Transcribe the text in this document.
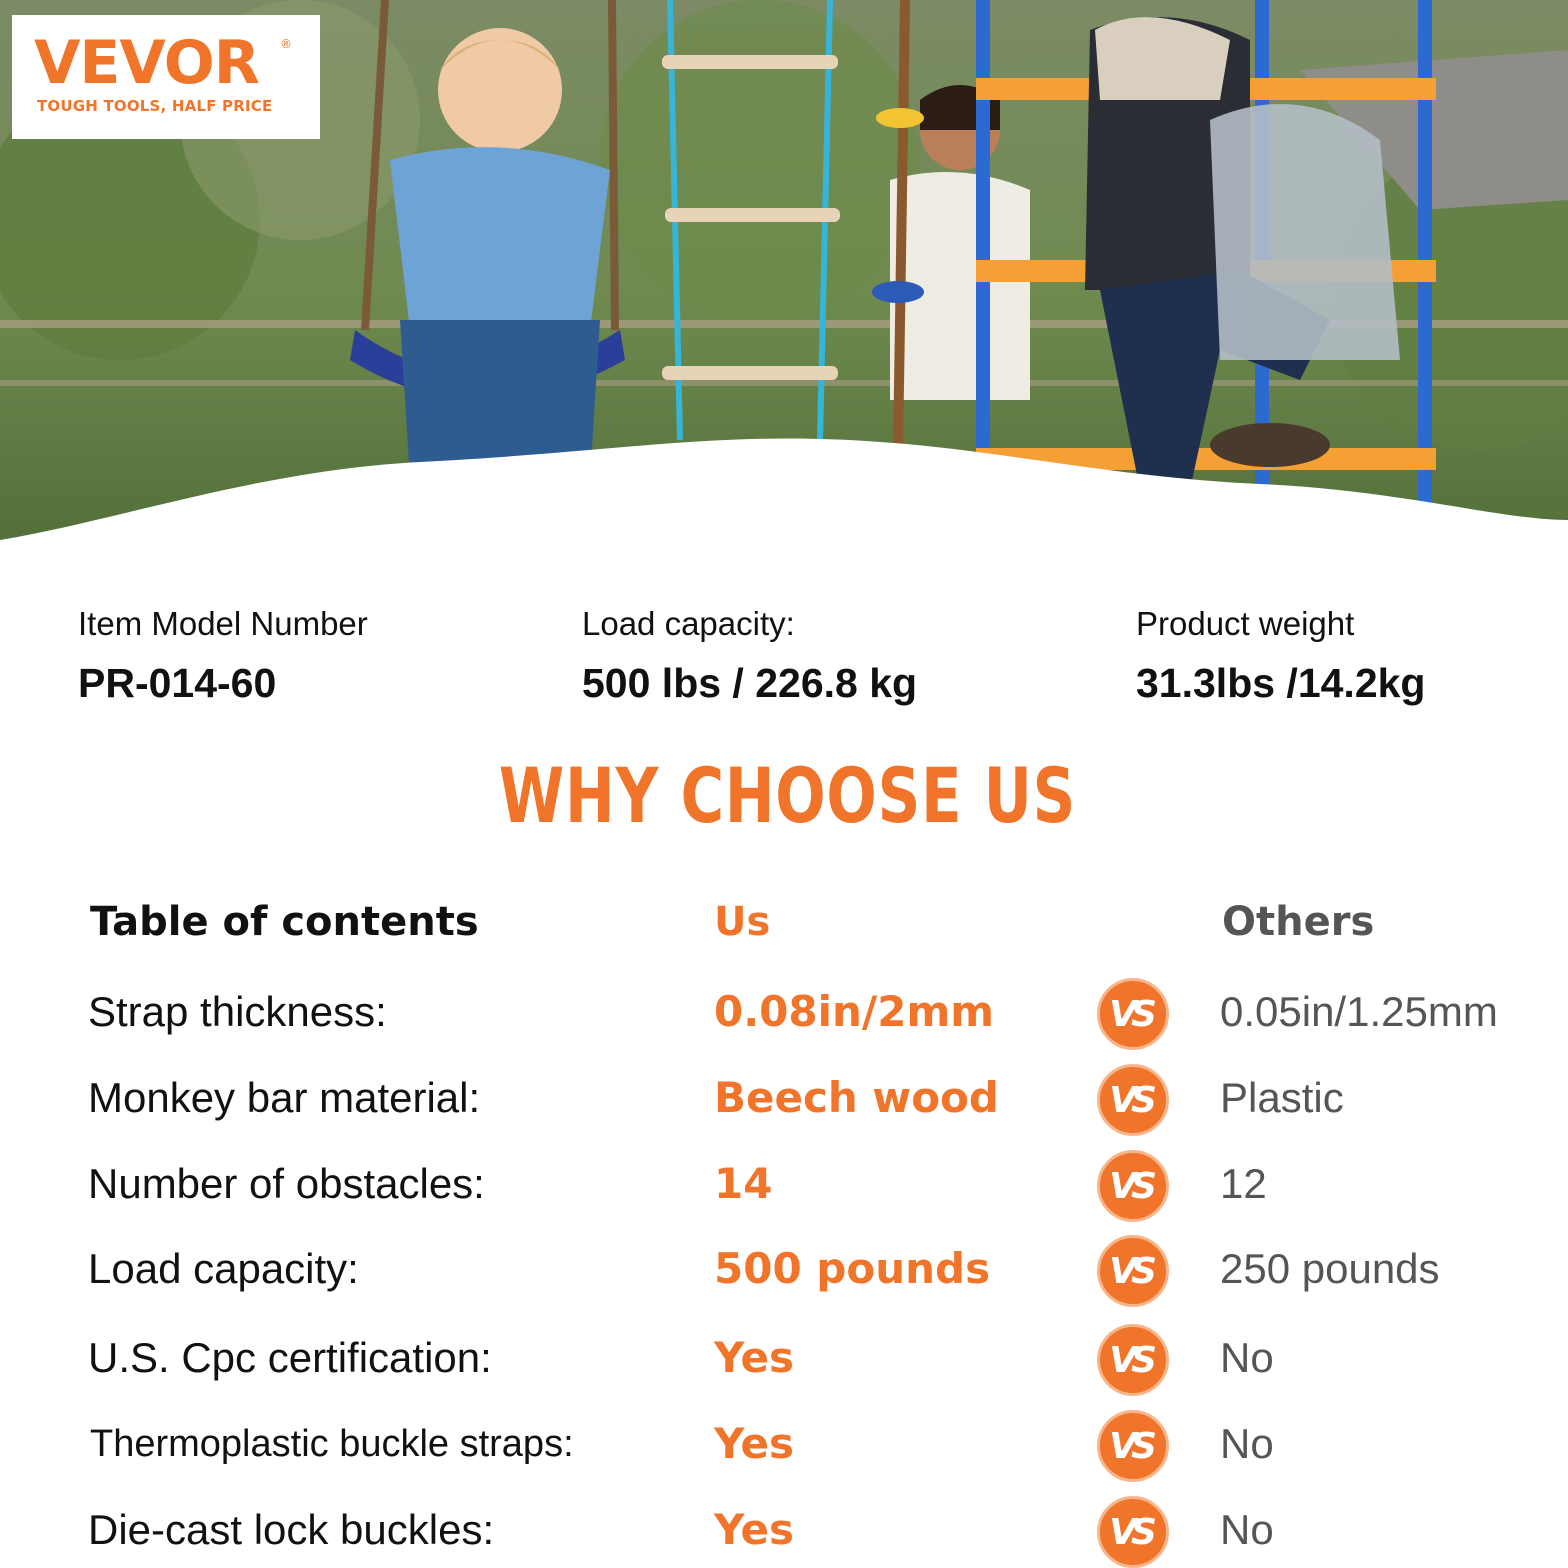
VEVOR ®
TOUGH TOOLS, HALF PRICE
Item Model Number
PR-014-60
Load capacity:
500 lbs / 226.8 kg
Product weight
31.3lbs /14.2kg
WHY CHOOSE US
Table of contents	Us	Others
Strap thickness:	0.08in/2mm	VS 0.05in/1.25mm
Monkey bar material:	Beech wood	VS Plastic
Number of obstacles:	14	VS 12
Load capacity:	500 pounds	VS 250 pounds
U.S. Cpc certification:	Yes	VS No
Thermoplastic buckle straps:	Yes	VS No
Die-cast lock buckles:	Yes	VS No
